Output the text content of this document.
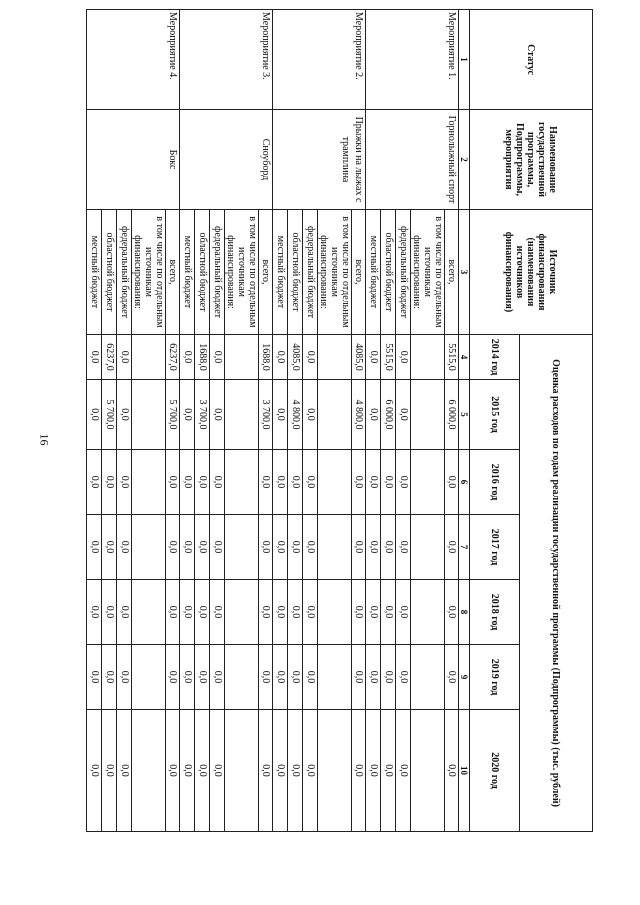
16
Статус	Наименование государственной программы, Подпрограммы, мероприятия	Источник финансирования (наименования источников финансирования)	Оценка расходов по годам реализации государственной программы (Подпрограммы) (тыс. рублей)						
			2014 год	2015 год	2016 год	2017 год	2018 год	2019 год	2020 год
1	2	3	4	5	6	7	8	9	10
Мероприятие 1.	Горнолыжный спорт	всего,	5515,0	6 000,0	0,0	0,0	0,0	0,0	0,0
		в том числе по отдельным источникам финансирования:							
		федеральный бюджет	0,0	0,0	0,0	0,0	0,0	0,0	0,0
		областной бюджет	5515,0	6 000,0	0,0	0,0	0,0	0,0	0,0
		местный бюджет	0,0	0,0	0,0	0,0	0,0	0,0	0,0
Мероприятие 2.	Прыжки на лыжах с трамплина	всего,	4085,0	4 800,0	0,0	0,0	0,0	0,0	0,0
		в том числе по отдельным источникам финансирования:							
		федеральный бюджет	0,0	0,0	0,0	0,0	0,0	0,0	0,0
		областной бюджет	4085,0	4 800,0	0,0	0,0	0,0	0,0	0,0
		местный бюджет	0,0	0,0	0,0	0,0	0,0	0,0	0,0
Мероприятие 3.	Сноуборд	всего,	1688,0	3 700,0	0,0	0,0	0,0	0,0	0,0
		в том числе по отдельным источникам финансирования:							
		федеральный бюджет	0,0	0,0	0,0	0,0	0,0	0,0	0,0
		областной бюджет	1688,0	3 700,0	0,0	0,0	0,0	0,0	0,0
		местный бюджет	0,0	0,0	0,0	0,0	0,0	0,0	0,0
Мероприятие 4.	Бокс	всего,	6237,0	5 700,0	0,0	0,0	0,0	0,0	0,0
		в том числе по отдельным источникам финансирования:							
		федеральный бюджет	0,0	0,0	0,0	0,0	0,0	0,0	0,0
		областной бюджет	6237,0	5 700,0	0,0	0,0	0,0	0,0	0,0
		местный бюджет	0,0	0,0	0,0	0,0	0,0	0,0	0,0
